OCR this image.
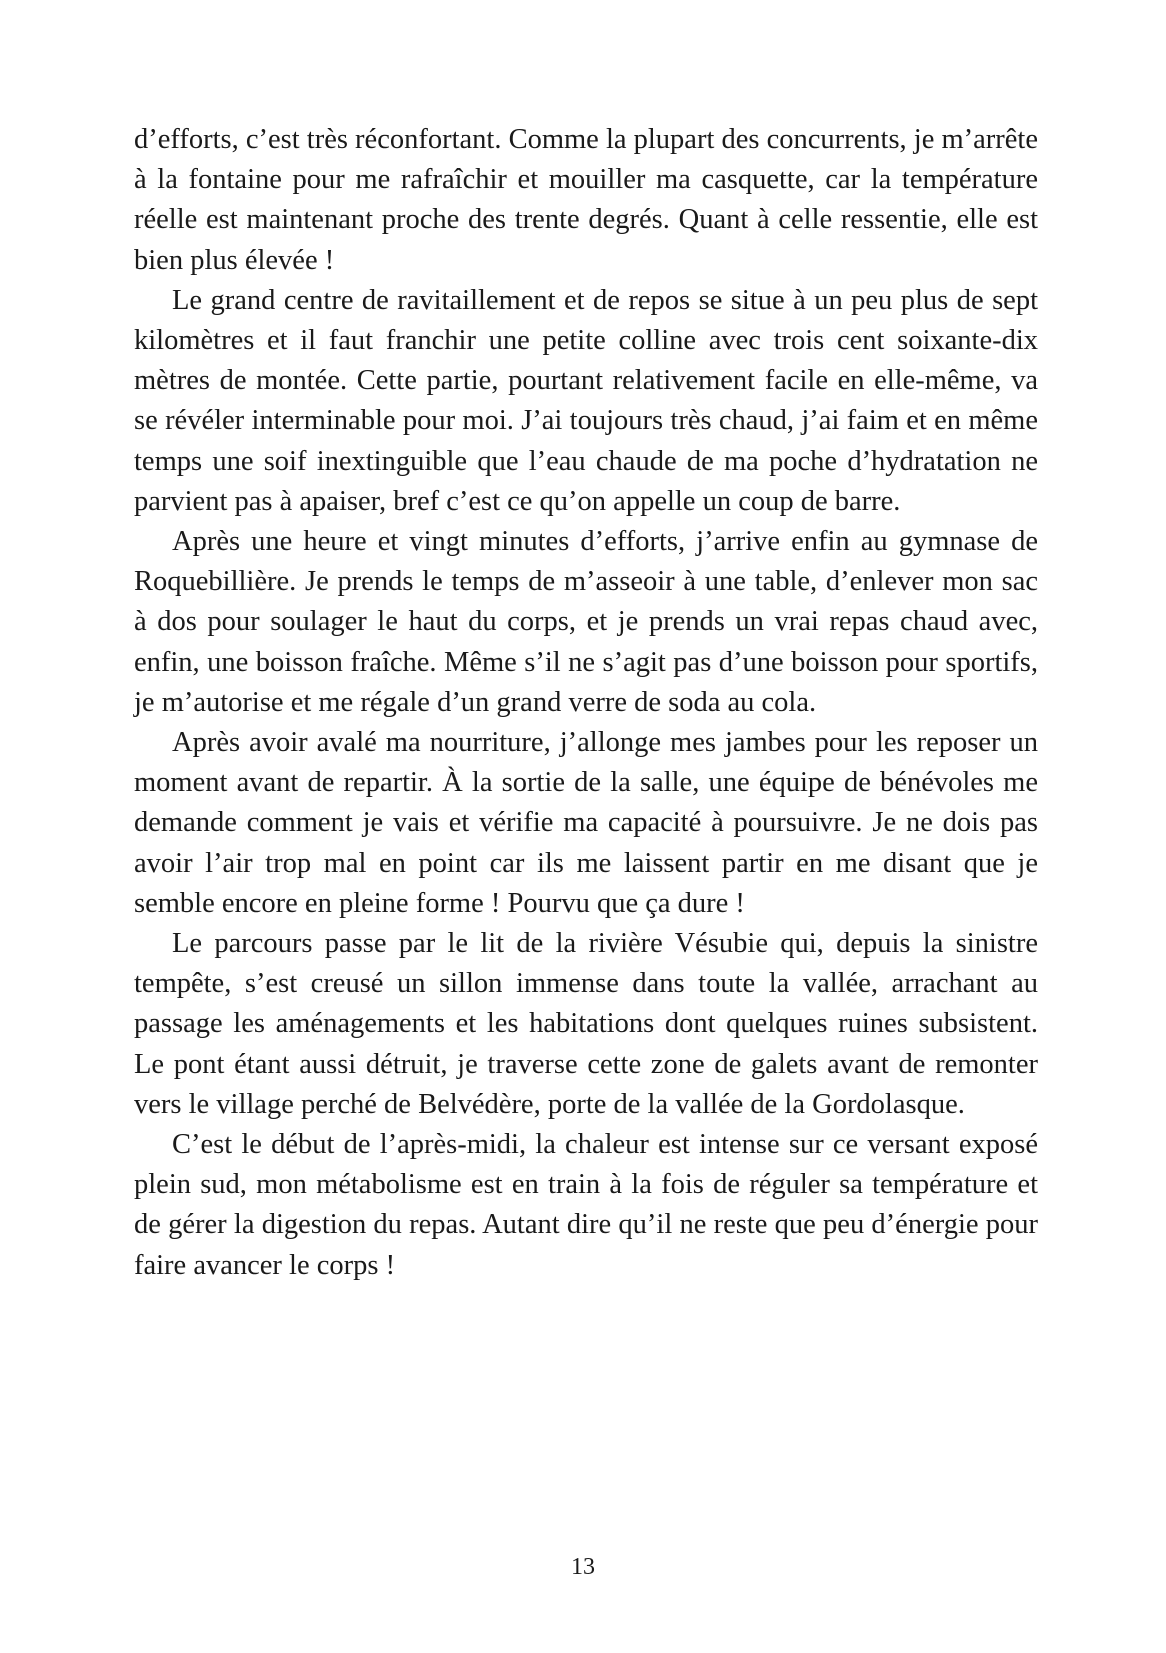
d’efforts, c’est très réconfortant. Comme la plupart des concurrents, je m’arrête à la fontaine pour me rafraîchir et mouiller ma casquette, car la température réelle est maintenant proche des trente degrés. Quant à celle ressentie, elle est bien plus élevée !

Le grand centre de ravitaillement et de repos se situe à un peu plus de sept kilomètres et il faut franchir une petite colline avec trois cent soixante-dix mètres de montée. Cette partie, pourtant relativement facile en elle-même, va se révéler interminable pour moi. J’ai toujours très chaud, j’ai faim et en même temps une soif inextinguible que l’eau chaude de ma poche d’hydratation ne parvient pas à apaiser, bref c’est ce qu’on appelle un coup de barre.

Après une heure et vingt minutes d’efforts, j’arrive enfin au gymnase de Roquebillière. Je prends le temps de m’asseoir à une table, d’enlever mon sac à dos pour soulager le haut du corps, et je prends un vrai repas chaud avec, enfin, une boisson fraîche. Même s’il ne s’agit pas d’une boisson pour sportifs, je m’autorise et me régale d’un grand verre de soda au cola.

Après avoir avalé ma nourriture, j’allonge mes jambes pour les reposer un moment avant de repartir. À la sortie de la salle, une équipe de bénévoles me demande comment je vais et vérifie ma capacité à poursuivre. Je ne dois pas avoir l’air trop mal en point car ils me laissent partir en me disant que je semble encore en pleine forme ! Pourvu que ça dure !

Le parcours passe par le lit de la rivière Vésubie qui, depuis la sinistre tempête, s’est creusé un sillon immense dans toute la vallée, arrachant au passage les aménagements et les habitations dont quelques ruines subsistent. Le pont étant aussi détruit, je traverse cette zone de galets avant de remonter vers le village perché de Belvédère, porte de la vallée de la Gordolasque.

C’est le début de l’après-midi, la chaleur est intense sur ce versant exposé plein sud, mon métabolisme est en train à la fois de réguler sa température et de gérer la digestion du repas. Autant dire qu’il ne reste que peu d’énergie pour faire avancer le corps !

13
